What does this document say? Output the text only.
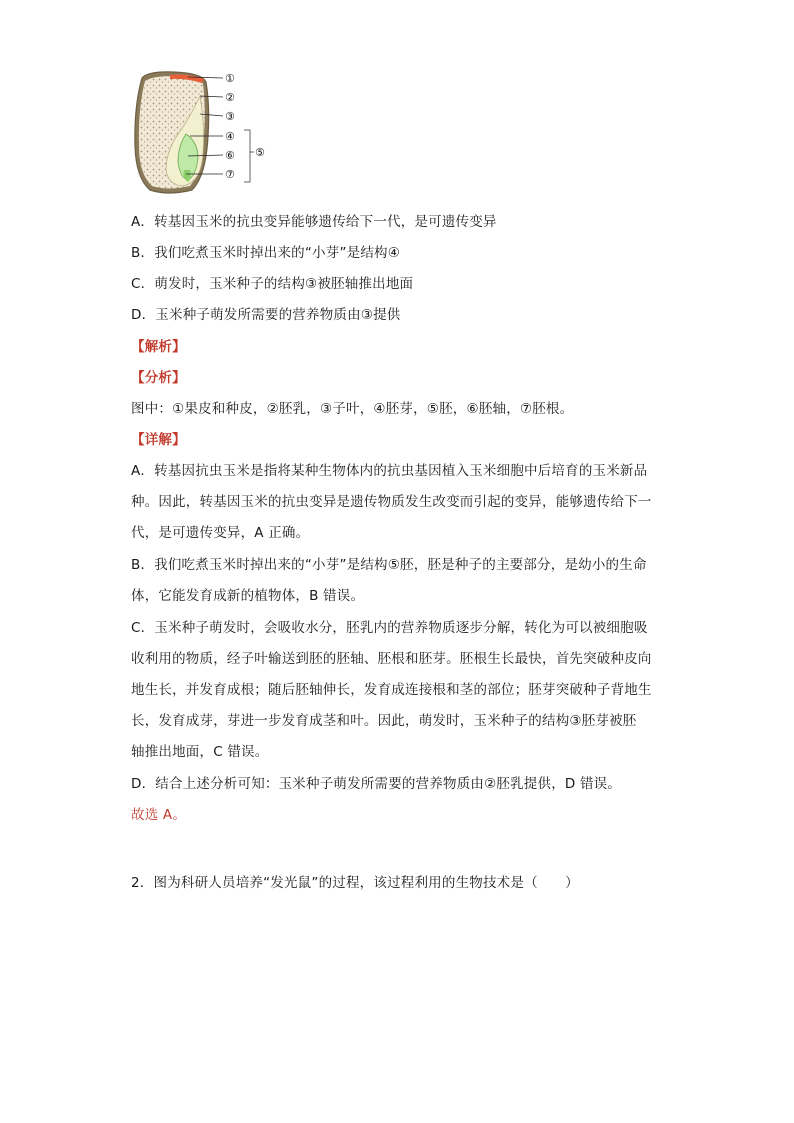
①
②
③
④
⑥
⑦
⑤
A．转基因玉米的抗虫变异能够遗传给下一代，是可遗传变异
B．我们吃煮玉米时掉出来的“小芽”是结构④
C．萌发时，玉米种子的结构③被胚轴推出地面
D．玉米种子萌发所需要的营养物质由③提供
【解析】
【分析】
图中：①果皮和种皮，②胚乳，③子叶，④胚芽，⑤胚，⑥胚轴，⑦胚根。
【详解】
A．转基因抗虫玉米是指将某种生物体内的抗虫基因植入玉米细胞中后培育的玉米新品
种。因此，转基因玉米的抗虫变异是遗传物质发生改变而引起的变异，能够遗传给下一
代，是可遗传变异，A 正确。
B．我们吃煮玉米时掉出来的“小芽”是结构⑤胚，胚是种子的主要部分，是幼小的生命
体，它能发育成新的植物体，B 错误。
C．玉米种子萌发时，会吸收水分，胚乳内的营养物质逐步分解，转化为可以被细胞吸
收利用的物质，经子叶输送到胚的胚轴、胚根和胚芽。胚根生长最快，首先突破种皮向
地生长，并发育成根；随后胚轴伸长，发育成连接根和茎的部位；胚芽突破种子背地生
长，发育成芽，芽进一步发育成茎和叶。因此，萌发时，玉米种子的结构③胚芽被胚
轴推出地面，C 错误。
D．结合上述分析可知：玉米种子萌发所需要的营养物质由②胚乳提供，D 错误。
故选 A。
2．图为科研人员培养“发光鼠”的过程，该过程利用的生物技术是（　　）
